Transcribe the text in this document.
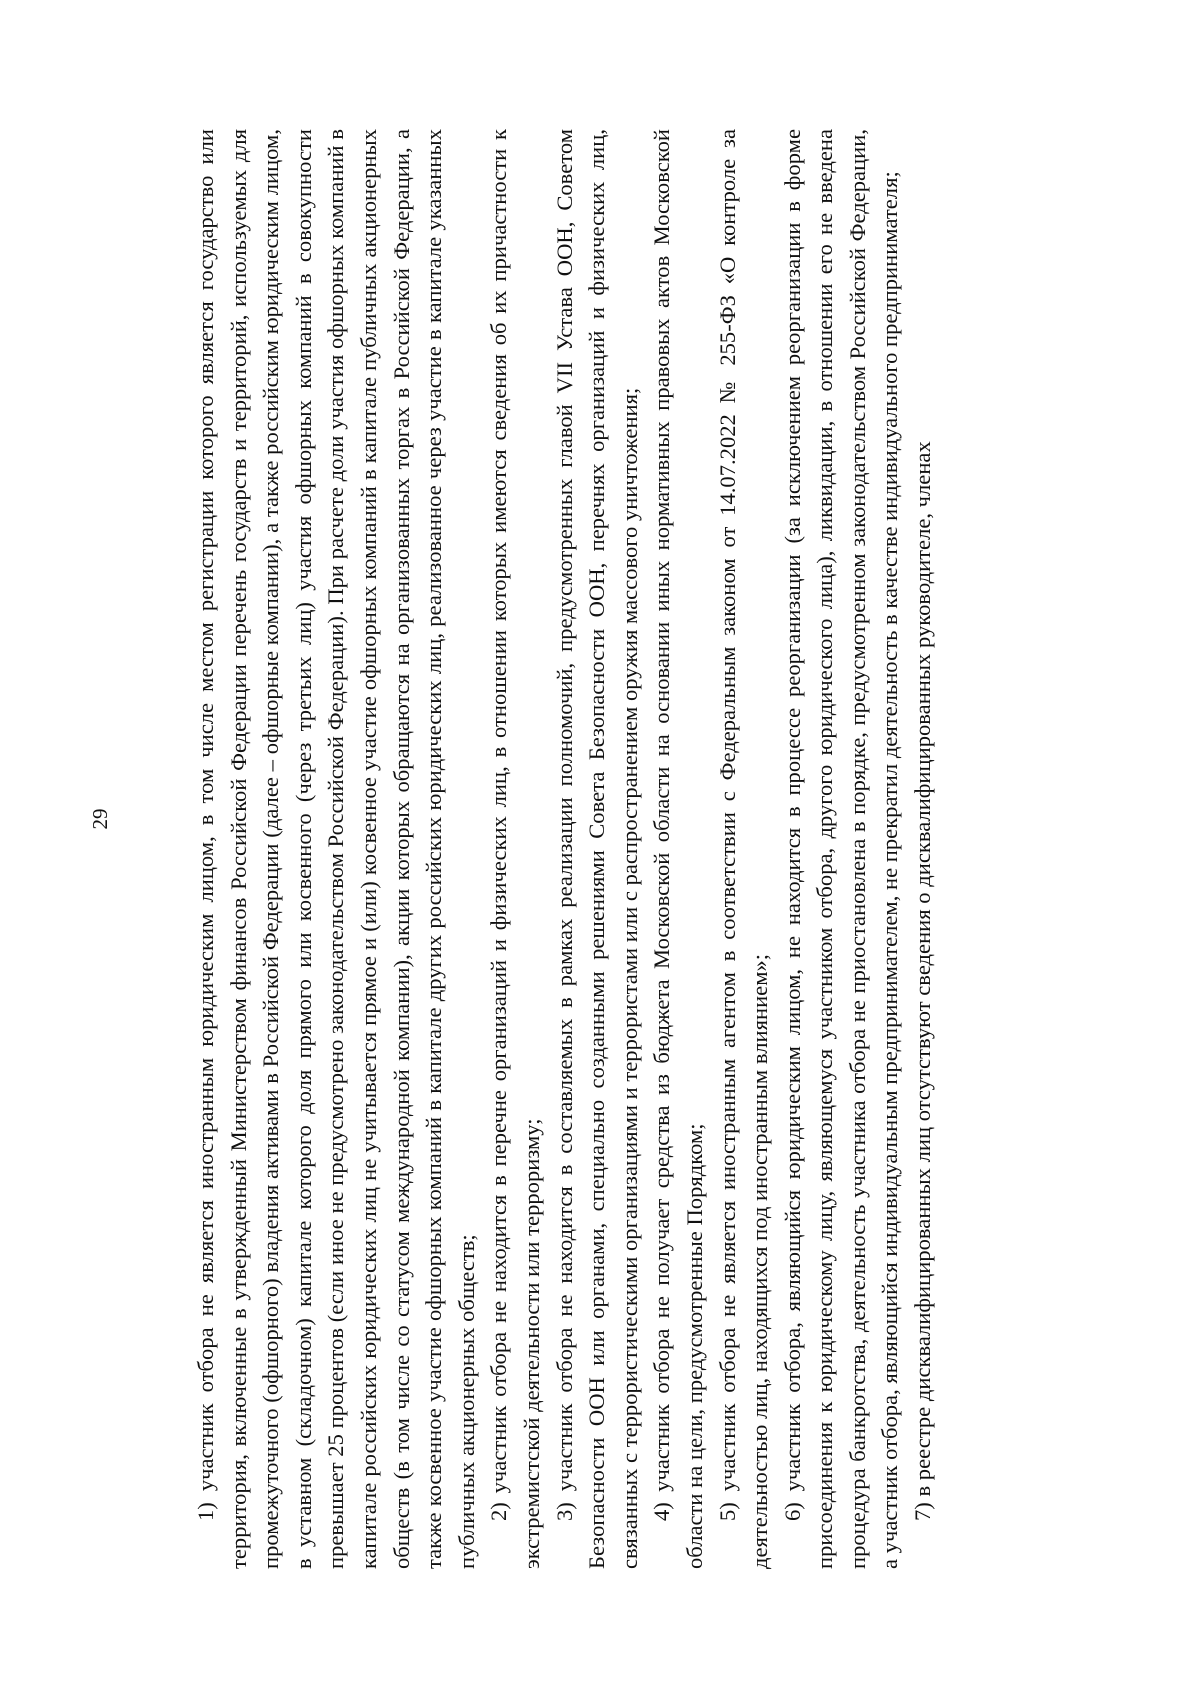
29	1) участник отбора не является иностранным юридическим лицом, в том числе местом регистрации которого является государство или территория, включенные в утвержденный Министерством финансов Российской Федерации перечень государств и территорий, используемых для промежуточного (офшорного) владения активами в Российской Федерации (далее – офшорные компании), а также российским юридическим лицом, в уставном (складочном) капитале которого доля прямого или косвенного (через третьих лиц) участия офшорных компаний в совокупности превышает 25 процентов (если иное не предусмотрено законодательством Российской Федерации). При расчете доли участия офшорных компаний в капитале российских юридических лиц не учитывается прямое и (или) косвенное участие офшорных компаний в капитале публичных акционерных обществ (в том числе со статусом международной компании), акции которых обращаются на организованных торгах в Российской Федерации, а также косвенное участие офшорных компаний в капитале других российских юридических лиц, реализованное через участие в капитале указанных публичных акционерных обществ; 2) участник отбора не находится в перечне организаций и физических лиц, в отношении которых имеются сведения об их причастности к экстремистской деятельности или терроризму; 3) участник отбора не находится в составляемых в рамках реализации полномочий, предусмотренных главой VII Устава ООН, Советом Безопасности ООН или органами, специально созданными решениями Совета Безопасности ООН, перечнях организаций и физических лиц, связанных с террористическими организациями и террористами или с распространением оружия массового уничтожения; 4) участник отбора не получает средства из бюджета Московской области на основании иных нормативных правовых актов Московской области на цели, предусмотренные Порядком; 5) участник отбора не является иностранным агентом в соответствии с Федеральным законом от 14.07.2022 № 255-ФЗ «О контроле за деятельностью лиц, находящихся под иностранным влиянием»; 6) участник отбора, являющийся юридическим лицом, не находится в процессе реорганизации (за исключением реорганизации в форме присоединения к юридическому лицу, являющемуся участником отбора, другого юридического лица), ликвидации, в отношении его не введена процедура банкротства, деятельность участника отбора не приостановлена в порядке, предусмотренном законодательством Российской Федерации, а участник отбора, являющийся индивидуальным предпринимателем, не прекратил деятельность в качестве индивидуального предпринимателя; 7) в реестре дисквалифицированных лиц отсутствуют сведения о дисквалифицированных руководителе, членах
